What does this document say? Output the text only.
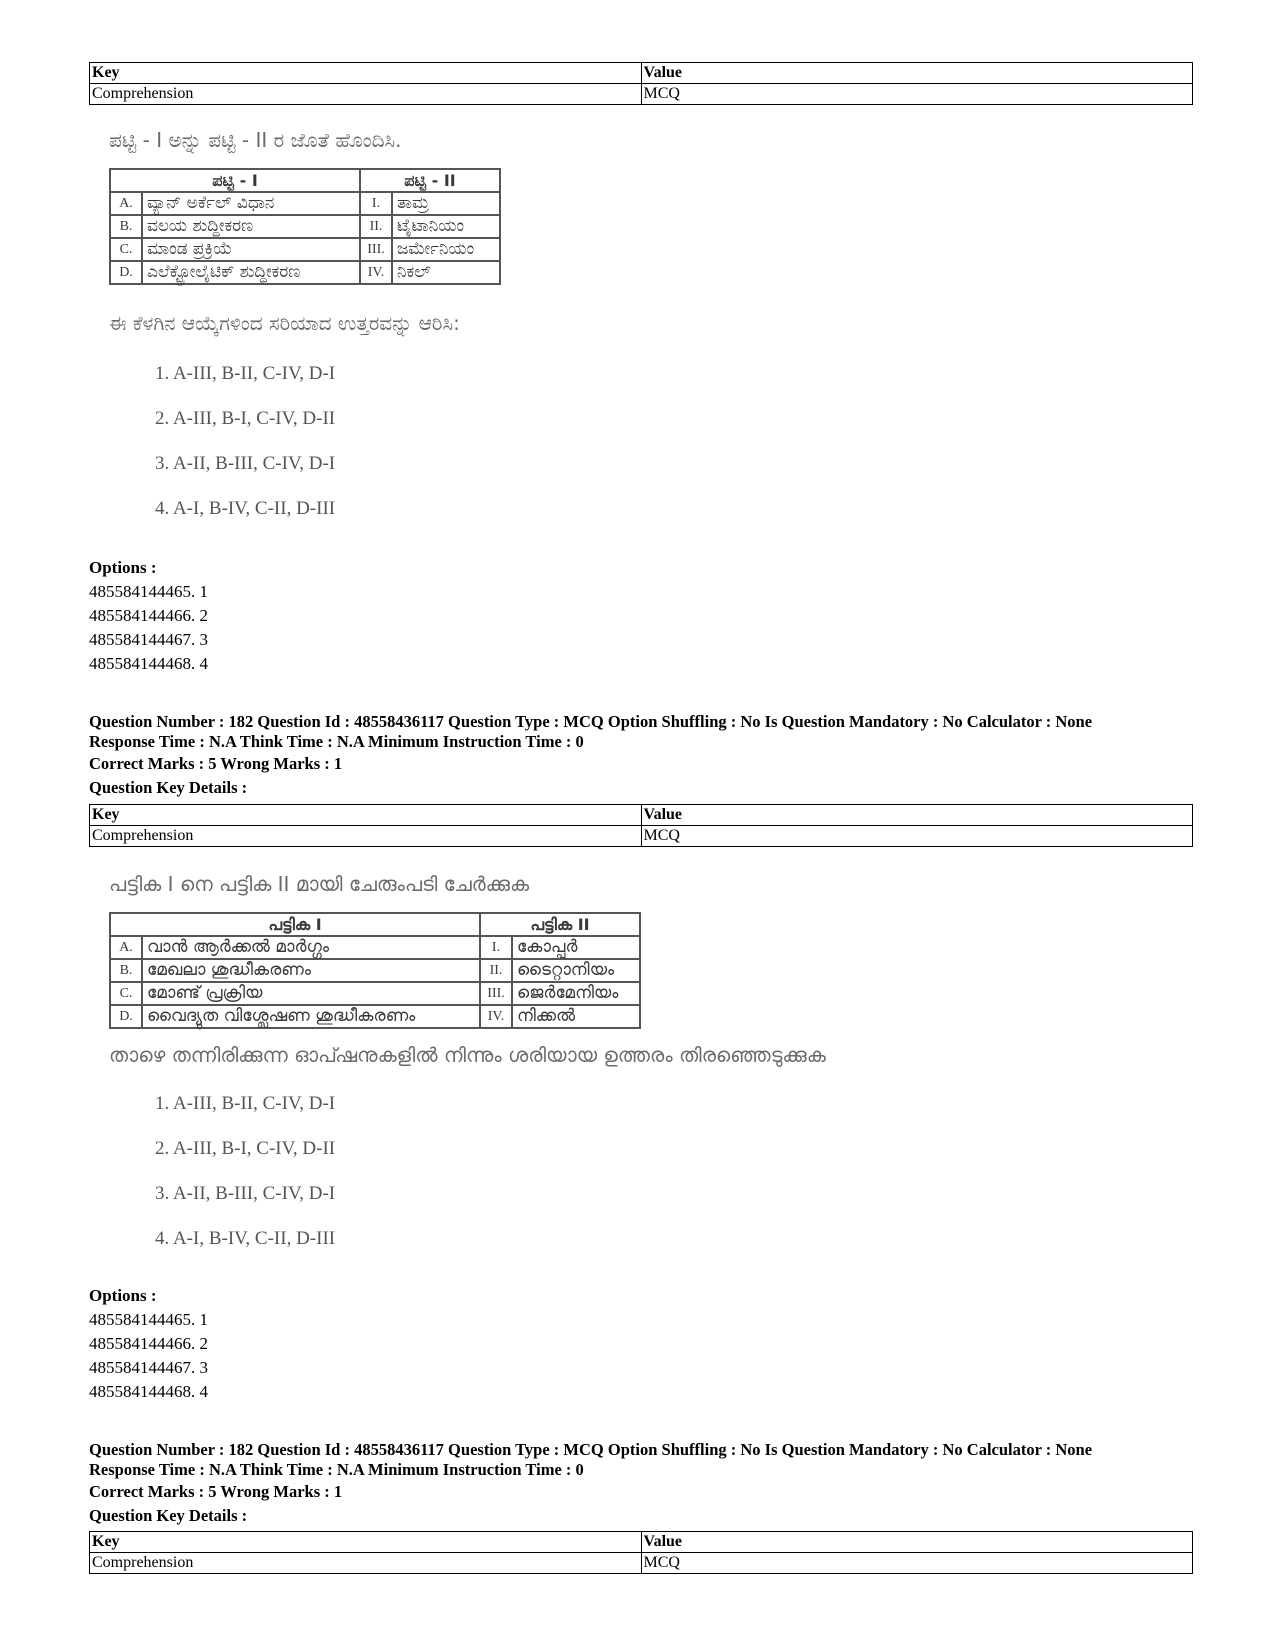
Key	Value
Comprehension	MCQ
ಪಟ್ಟಿ - I ಅನ್ನು ಪಟ್ಟಿ - II ರ ಜೊತೆ ಹೊಂದಿಸಿ.
ಪಟ್ಟಿ - I		ಪಟ್ಟಿ - II	
A.	ವ್ಯಾನ್ ಅರ್ಕೆಲ್ ವಿಧಾನ	I.	ತಾಮ್ರ
B.	ವಲಯ ಶುದ್ಧೀಕರಣ	II.	ಟೈಟಾನಿಯಂ
C.	ಮಾಂಡ ಪ್ರಕ್ರಿಯೆ	III.	ಜರ್ಮೇನಿಯಂ
D.	ಎಲೆಕ್ಟ್ರೋಲೈಟಿಕ್ ಶುದ್ಧೀಕರಣ	IV.	ನಿಕಲ್
ಈ ಕೆಳಗಿನ ಆಯ್ಕೆಗಳಿಂದ ಸರಿಯಾದ ಉತ್ತರವನ್ನು ಆರಿಸಿ:
1. A-III, B-II, C-IV, D-I
2. A-III, B-I, C-IV, D-II
3. A-II, B-III, C-IV, D-I
4. A-I, B-IV, C-II, D-III
Options :
485584144465. 1
485584144466. 2
485584144467. 3
485584144468. 4
Question Number : 182 Question Id : 48558436117 Question Type : MCQ Option Shuffling : No Is Question Mandatory : No Calculator : None
Response Time : N.A Think Time : N.A Minimum Instruction Time : 0
Correct Marks : 5 Wrong Marks : 1
Question Key Details :
Key	Value
Comprehension	MCQ
പട്ടിക I നെ പട്ടിക II മായി ചേരുംപടി ചേർക്കുക
പട്ടിക I		പട്ടിക II	
A.	വാൻ ആർക്കൽ മാർഗ്ഗം	I.	കോപ്പർ
B.	മേഖലാ ശുദ്ധീകരണം	II.	ടൈറ്റാനിയം
C.	മോണ്ട് പ്രക്രിയ	III.	ജെർമേനിയം
D.	വൈദ്യുത വിശ്ലേഷണ ശുദ്ധീകരണം	IV.	നിക്കൽ
താഴെ തന്നിരിക്കുന്ന ഓപ്ഷനുകളിൽ നിന്നും ശരിയായ ഉത്തരം തിരഞ്ഞെടുക്കുക
1. A-III, B-II, C-IV, D-I
2. A-III, B-I, C-IV, D-II
3. A-II, B-III, C-IV, D-I
4. A-I, B-IV, C-II, D-III
Options :
485584144465. 1
485584144466. 2
485584144467. 3
485584144468. 4
Question Number : 182 Question Id : 48558436117 Question Type : MCQ Option Shuffling : No Is Question Mandatory : No Calculator : None
Response Time : N.A Think Time : N.A Minimum Instruction Time : 0
Correct Marks : 5 Wrong Marks : 1
Question Key Details :
Key	Value
Comprehension	MCQ
